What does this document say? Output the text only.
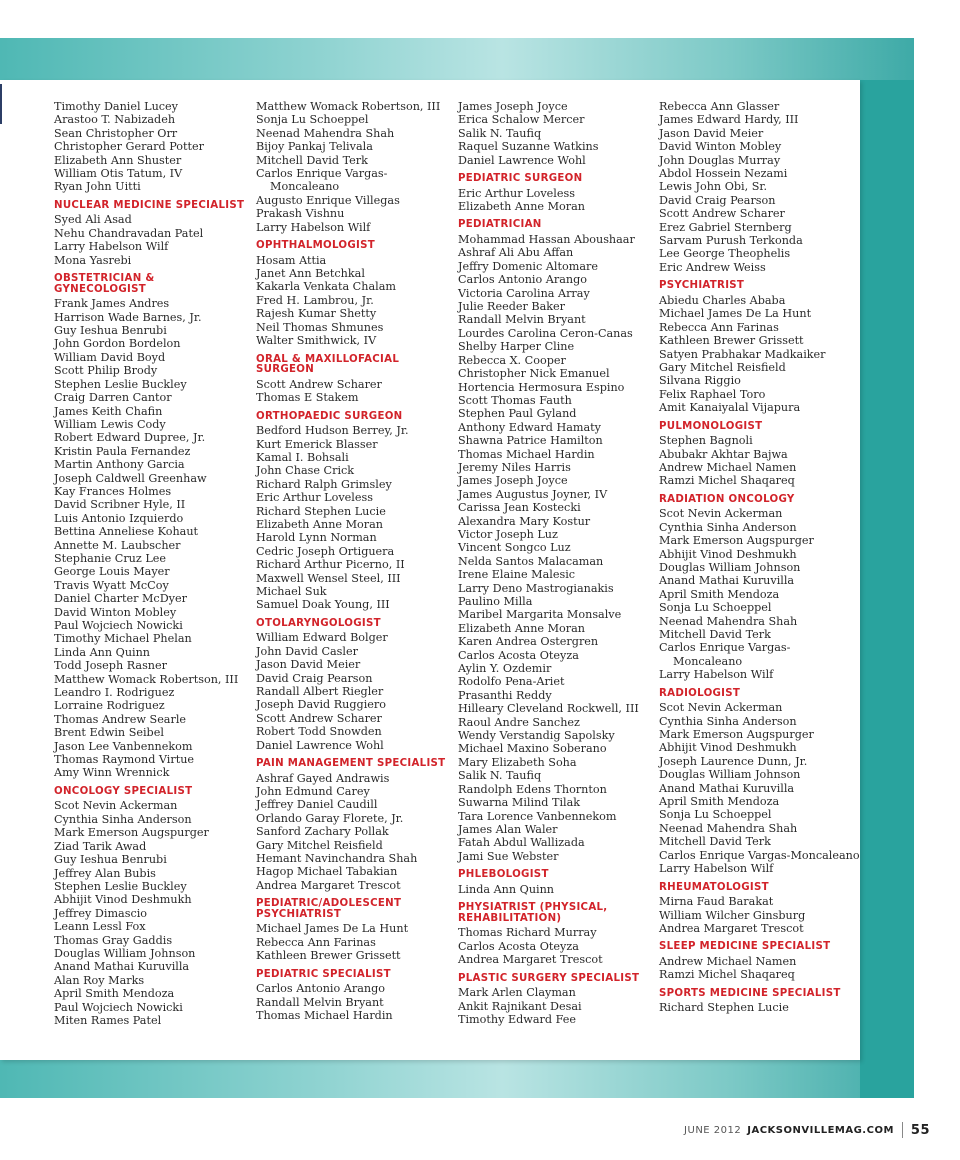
Timothy Daniel Lucey
Arastoo T. Nabizadeh
Sean Christopher Orr
Christopher Gerard Potter
Elizabeth Ann Shuster
William Otis Tatum, IV
Ryan John Uitti
NUCLEAR MEDICINE SPECIALIST
Syed Ali Asad
Nehu Chandravadan Patel
Larry Habelson Wilf
Mona Yasrebi
OBSTETRICIAN & GYNECOLOGIST
Frank James Andres
Harrison Wade Barnes, Jr.
Guy Ieshua Benrubi
John Gordon Bordelon
William David Boyd
Scott Philip Brody
Stephen Leslie Buckley
Craig Darren Cantor
James Keith Chafin
William Lewis Cody
Robert Edward Dupree, Jr.
Kristin Paula Fernandez
Martin Anthony Garcia
Joseph Caldwell Greenhaw
Kay Frances Holmes
David Scribner Hyle, II
Luis Antonio Izquierdo
Bettina Anneliese Kohaut
Annette M. Laubscher
Stephanie Cruz Lee
George Louis Mayer
Travis Wyatt McCoy
Daniel Charter McDyer
David Winton Mobley
Paul Wojciech Nowicki
Timothy Michael Phelan
Linda Ann Quinn
Todd Joseph Rasner
Matthew Womack Robertson, III
Leandro I. Rodriguez
Lorraine Rodriguez
Thomas Andrew Searle
Brent Edwin Seibel
Jason Lee Vanbennekom
Thomas Raymond Virtue
Amy Winn Wrennick
ONCOLOGY SPECIALIST
Scot Nevin Ackerman
Cynthia Sinha Anderson
Mark Emerson Augspurger
Ziad Tarik Awad
Guy Ieshua Benrubi
Jeffrey Alan Bubis
Stephen Leslie Buckley
Abhijit Vinod Deshmukh
Jeffrey Dimascio
Leann Lessl Fox
Thomas Gray Gaddis
Douglas William Johnson
Anand Mathai Kuruvilla
Alan Roy Marks
April Smith Mendoza
Paul Wojciech Nowicki
Miten Rames Patel
Matthew Womack Robertson, III
Sonja Lu Schoeppel
Neenad Mahendra Shah
Bijoy Pankaj Telivala
Mitchell David Terk
Carlos Enrique Vargas-
Moncaleano
Augusto Enrique Villegas
Prakash Vishnu
Larry Habelson Wilf
OPHTHALMOLOGIST
Hosam Attia
Janet Ann Betchkal
Kakarla Venkata Chalam
Fred H. Lambrou, Jr.
Rajesh Kumar Shetty
Neil Thomas Shmunes
Walter Smithwick, IV
ORAL & MAXILLOFACIAL SURGEON
Scott Andrew Scharer
Thomas E Stakem
ORTHOPAEDIC SURGEON
Bedford Hudson Berrey, Jr.
Kurt Emerick Blasser
Kamal I. Bohsali
John Chase Crick
Richard Ralph Grimsley
Eric Arthur Loveless
Richard Stephen Lucie
Elizabeth Anne Moran
Harold Lynn Norman
Cedric Joseph Ortiguera
Richard Arthur Picerno, II
Maxwell Wensel Steel, III
Michael Suk
Samuel Doak Young, III
OTOLARYNGOLOGIST
William Edward Bolger
John David Casler
Jason David Meier
David Craig Pearson
Randall Albert Riegler
Joseph David Ruggiero
Scott Andrew Scharer
Robert Todd Snowden
Daniel Lawrence Wohl
PAIN MANAGEMENT SPECIALIST
Ashraf Gayed Andrawis
John Edmund Carey
Jeffrey Daniel Caudill
Orlando Garay Florete, Jr.
Sanford Zachary Pollak
Gary Mitchel Reisfield
Hemant Navinchandra Shah
Hagop Michael Tabakian
Andrea Margaret Trescot
PEDIATRIC/ADOLESCENT PSYCHIATRIST
Michael James De La Hunt
Rebecca Ann Farinas
Kathleen Brewer Grissett
PEDIATRIC SPECIALIST
Carlos Antonio Arango
Randall Melvin Bryant
Thomas Michael Hardin
James Joseph Joyce
Erica Schalow Mercer
Salik N. Taufiq
Raquel Suzanne Watkins
Daniel Lawrence Wohl
PEDIATRIC SURGEON
Eric Arthur Loveless
Elizabeth Anne Moran
PEDIATRICIAN
Mohammad Hassan Aboushaar
Ashraf Ali Abu Affan
Jeffry Domenic Altomare
Carlos Antonio Arango
Victoria Carolina Array
Julie Reeder Baker
Randall Melvin Bryant
Lourdes Carolina Ceron-Canas
Shelby Harper Cline
Rebecca X. Cooper
Christopher Nick Emanuel
Hortencia Hermosura Espino
Scott Thomas Fauth
Stephen Paul Gyland
Anthony Edward Hamaty
Shawna Patrice Hamilton
Thomas Michael Hardin
Jeremy Niles Harris
James Joseph Joyce
James Augustus Joyner, IV
Carissa Jean Kostecki
Alexandra Mary Kostur
Victor Joseph Luz
Vincent Songco Luz
Nelda Santos Malacaman
Irene Elaine Malesic
Larry Deno Mastrogianakis
Paulino Milla
Maribel Margarita Monsalve
Elizabeth Anne Moran
Karen Andrea Ostergren
Carlos Acosta Oteyza
Aylin Y. Ozdemir
Rodolfo Pena-Ariet
Prasanthi Reddy
Hilleary Cleveland Rockwell, III
Raoul Andre Sanchez
Wendy Verstandig Sapolsky
Michael Maxino Soberano
Mary Elizabeth Soha
Salik N. Taufiq
Randolph Edens Thornton
Suwarna Milind Tilak
Tara Lorence Vanbennekom
James Alan Waler
Fatah Abdul Wallizada
Jami Sue Webster
PHLEBOLOGIST
Linda Ann Quinn
PHYSIATRIST (PHYSICAL, REHABILITATION)
Thomas Richard Murray
Carlos Acosta Oteyza
Andrea Margaret Trescot
PLASTIC SURGERY SPECIALIST
Mark Arlen Clayman
Ankit Rajnikant Desai
Timothy Edward Fee
Rebecca Ann Glasser
James Edward Hardy, III
Jason David Meier
David Winton Mobley
John Douglas Murray
Abdol Hossein Nezami
Lewis John Obi, Sr.
David Craig Pearson
Scott Andrew Scharer
Erez Gabriel Sternberg
Sarvam Purush Terkonda
Lee George Theophelis
Eric Andrew Weiss
PSYCHIATRIST
Abiedu Charles Ababa
Michael James De La Hunt
Rebecca Ann Farinas
Kathleen Brewer Grissett
Satyen Prabhakar Madkaiker
Gary Mitchel Reisfield
Silvana Riggio
Felix Raphael Toro
Amit Kanaiyalal Vijapura
PULMONOLOGIST
Stephen Bagnoli
Abubakr Akhtar Bajwa
Andrew Michael Namen
Ramzi Michel Shaqareq
RADIATION ONCOLOGY
Scot Nevin Ackerman
Cynthia Sinha Anderson
Mark Emerson Augspurger
Abhijit Vinod Deshmukh
Douglas William Johnson
Anand Mathai Kuruvilla
April Smith Mendoza
Sonja Lu Schoeppel
Neenad Mahendra Shah
Mitchell David Terk
Carlos Enrique Vargas-
Moncaleano
Larry Habelson Wilf
RADIOLOGIST
Scot Nevin Ackerman
Cynthia Sinha Anderson
Mark Emerson Augspurger
Abhijit Vinod Deshmukh
Joseph Laurence Dunn, Jr.
Douglas William Johnson
Anand Mathai Kuruvilla
April Smith Mendoza
Sonja Lu Schoeppel
Neenad Mahendra Shah
Mitchell David Terk
Carlos Enrique Vargas-Moncaleano
Larry Habelson Wilf
RHEUMATOLOGIST
Mirna Faud Barakat
William Wilcher Ginsburg
Andrea Margaret Trescot
SLEEP MEDICINE SPECIALIST
Andrew Michael Namen
Ramzi Michel Shaqareq
SPORTS MEDICINE SPECIALIST
Richard Stephen Lucie
JUNE 2012 JACKSONVILLEMAG.COM 55
